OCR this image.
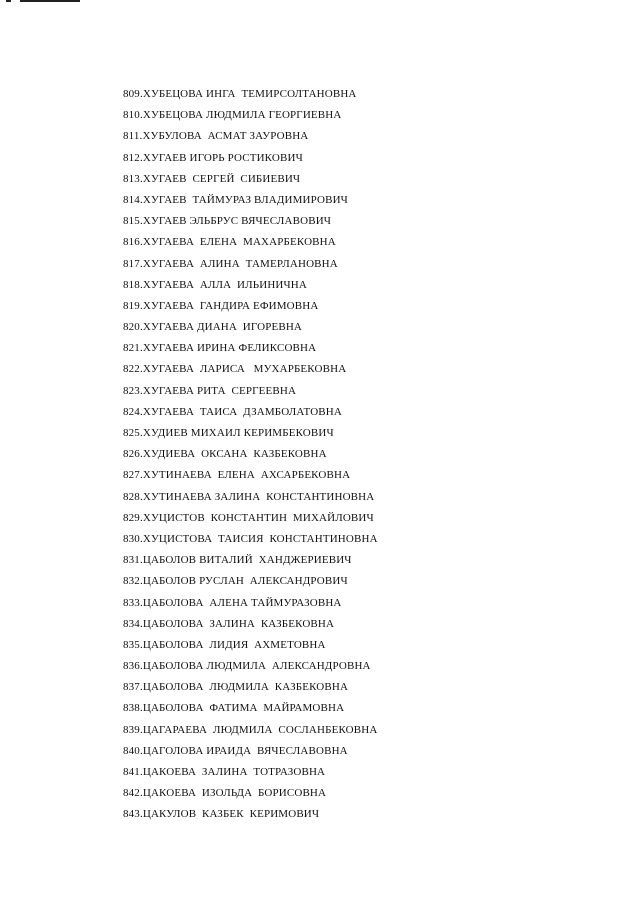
809.ХУБЕЦОВА ИНГА  ТЕМИРСОЛТАНОВНА
810.ХУБЕЦОВА ЛЮДМИЛА ГЕОРГИЕВНА
811.ХУБУЛОВА  АСМАТ ЗАУРОВНА
812.ХУГАЕВ ИГОРЬ РОСТИКОВИЧ
813.ХУГАЕВ  СЕРГЕЙ  СИБИЕВИЧ
814.ХУГАЕВ  ТАЙМУРАЗ ВЛАДИМИРОВИЧ
815.ХУГАЕВ ЭЛЬБРУС ВЯЧЕСЛАВОВИЧ
816.ХУГАЕВА  ЕЛЕНА  МАХАРБЕКОВНА
817.ХУГАЕВА  АЛИНА  ТАМЕРЛАНОВНА
818.ХУГАЕВА  АЛЛА  ИЛЬИНИЧНА
819.ХУГАЕВА  ГАНДИРА ЕФИМОВНА
820.ХУГАЕВА ДИАНА  ИГОРЕВНА
821.ХУГАЕВА ИРИНА ФЕЛИКСОВНА
822.ХУГАЕВА  ЛАРИСА   МУХАРБЕКОВНА
823.ХУГАЕВА РИТА  СЕРГЕЕВНА
824.ХУГАЕВА  ТАИСА  ДЗАМБОЛАТОВНА
825.ХУДИЕВ МИХАИЛ КЕРИМБЕКОВИЧ
826.ХУДИЕВА  ОКСАНА  КАЗБЕКОВНА
827.ХУТИНАЕВА  ЕЛЕНА  АХСАРБЕКОВНА
828.ХУТИНАЕВА ЗАЛИНА  КОНСТАНТИНОВНА
829.ХУЦИСТОВ  КОНСТАНТИН  МИХАЙЛОВИЧ
830.ХУЦИСТОВА  ТАИСИЯ  КОНСТАНТИНОВНА
831.ЦАБОЛОВ ВИТАЛИЙ  ХАНДЖЕРИЕВИЧ
832.ЦАБОЛОВ РУСЛАН  АЛЕКСАНДРОВИЧ
833.ЦАБОЛОВА  АЛЕНА ТАЙМУРАЗОВНА
834.ЦАБОЛОВА  ЗАЛИНА  КАЗБЕКОВНА
835.ЦАБОЛОВА  ЛИДИЯ  АХМЕТОВНА
836.ЦАБОЛОВА ЛЮДМИЛА  АЛЕКСАНДРОВНА
837.ЦАБОЛОВА  ЛЮДМИЛА  КАЗБЕКОВНА
838.ЦАБОЛОВА  ФАТИМА  МАЙРАМОВНА
839.ЦАГАРАЕВА  ЛЮДМИЛА  СОСЛАНБЕКОВНА
840.ЦАГОЛОВА ИРАИДА  ВЯЧЕСЛАВОВНА
841.ЦАКОЕВА  ЗАЛИНА  ТОТРАЗОВНА
842.ЦАКОЕВА  ИЗОЛЬДА  БОРИСОВНА
843.ЦАКУЛОВ  КАЗБЕК  КЕРИМОВИЧ
